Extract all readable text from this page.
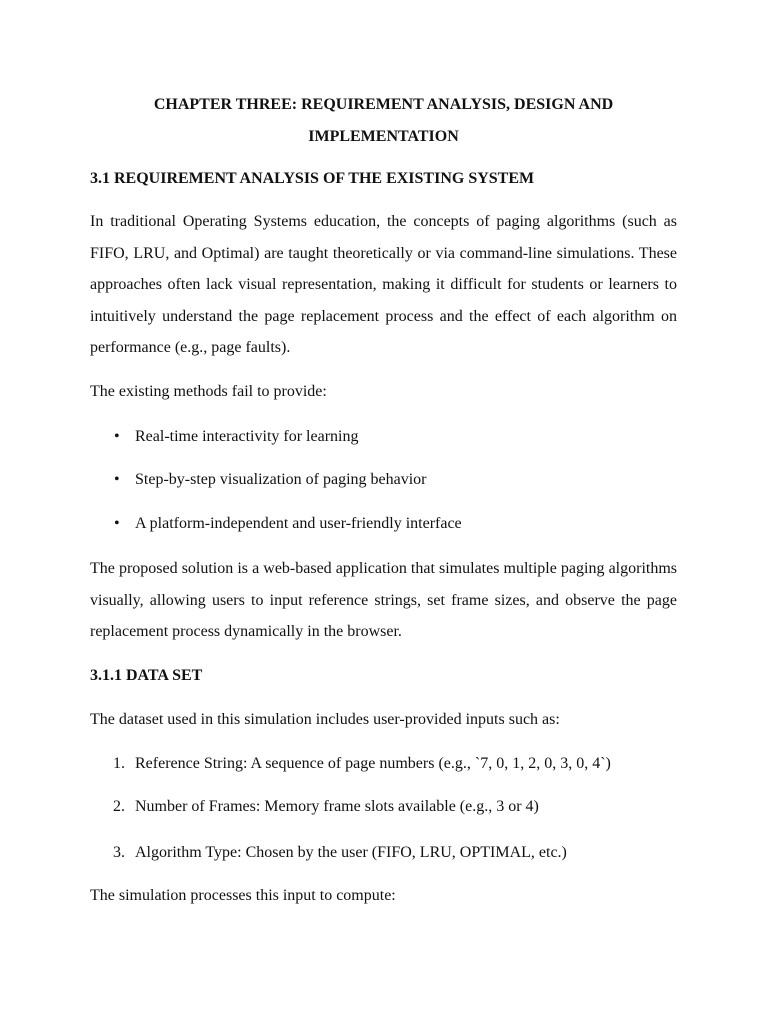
CHAPTER THREE: REQUIREMENT ANALYSIS, DESIGN AND IMPLEMENTATION
3.1 REQUIREMENT ANALYSIS OF THE EXISTING SYSTEM

In traditional Operating Systems education, the concepts of paging algorithms (such as FIFO, LRU, and Optimal) are taught theoretically or via command-line simulations. These approaches often lack visual representation, making it difficult for students or learners to intuitively understand the page replacement process and the effect of each algorithm on performance (e.g., page faults).

The existing methods fail to provide:

• Real-time interactivity for learning
• Step-by-step visualization of paging behavior
• A platform-independent and user-friendly interface

The proposed solution is a web-based application that simulates multiple paging algorithms visually, allowing users to input reference strings, set frame sizes, and observe the page replacement process dynamically in the browser.

3.1.1 DATA SET

The dataset used in this simulation includes user-provided inputs such as:

1. Reference String: A sequence of page numbers (e.g., `7, 0, 1, 2, 0, 3, 0, 4`)
2. Number of Frames: Memory frame slots available (e.g., 3 or 4)
3. Algorithm Type: Chosen by the user (FIFO, LRU, OPTIMAL, etc.)

The simulation processes this input to compute:
